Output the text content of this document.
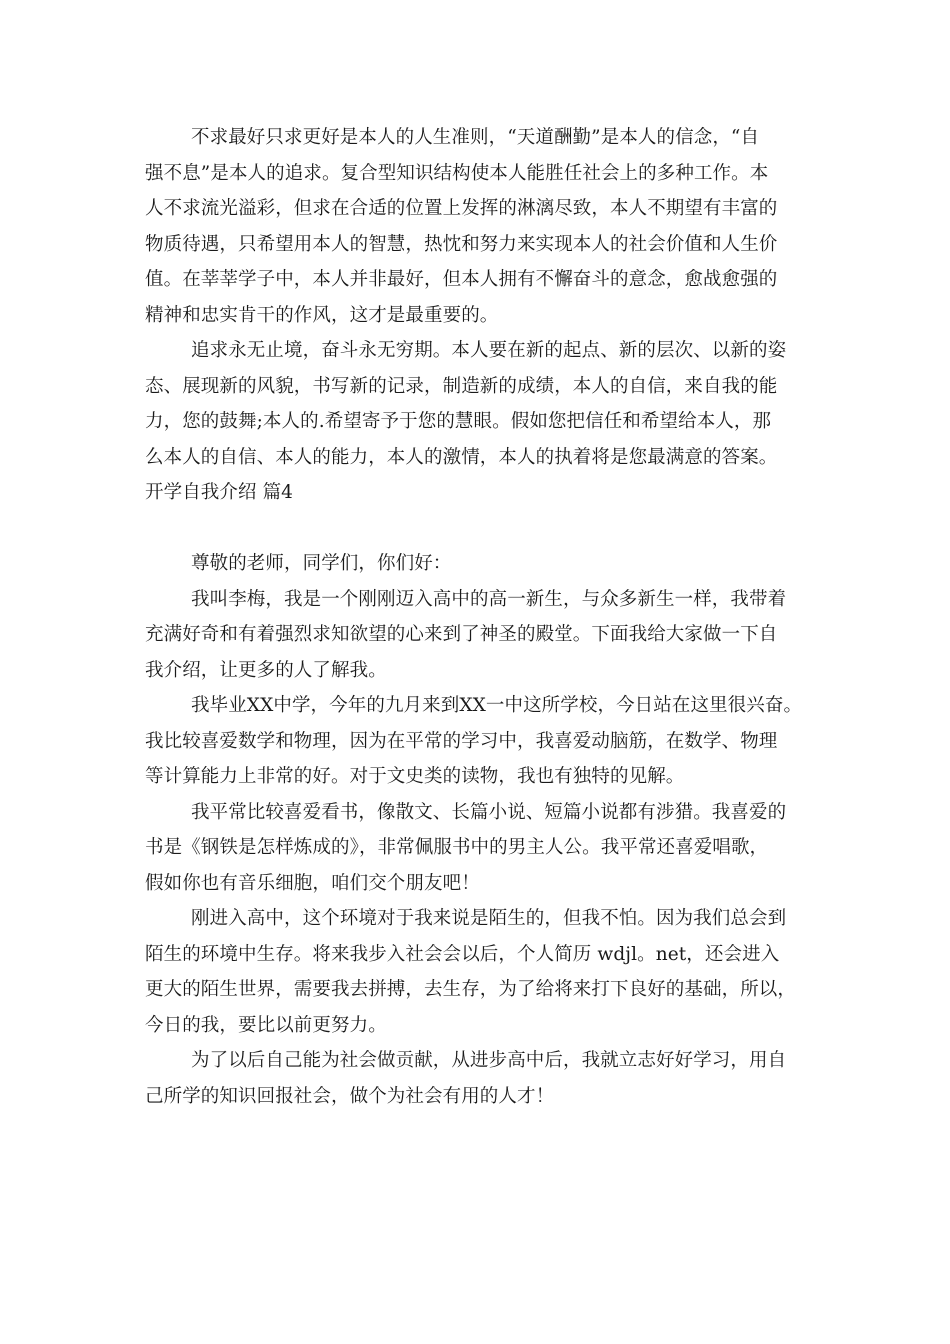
不求最好只求更好是本人的人生准则，“天道酬勤”是本人的信念，“自
强不息”是本人的追求。复合型知识结构使本人能胜任社会上的多种工作。本
人不求流光溢彩，但求在合适的位置上发挥的淋漓尽致，本人不期望有丰富的
物质待遇，只希望用本人的智慧，热忱和努力来实现本人的社会价值和人生价
值。在莘莘学子中，本人并非最好，但本人拥有不懈奋斗的意念，愈战愈强的
精神和忠实肯干的作风，这才是最重要的。
追求永无止境，奋斗永无穷期。本人要在新的起点、新的层次、以新的姿
态、展现新的风貌，书写新的记录，制造新的成绩，本人的自信，来自我的能
力，您的鼓舞;本人的.希望寄予于您的慧眼。假如您把信任和希望给本人，那
么本人的自信、本人的能力，本人的激情，本人的执着将是您最满意的答案。
开学自我介绍 篇4
尊敬的老师，同学们，你们好：
我叫李梅，我是一个刚刚迈入高中的高一新生，与众多新生一样，我带着
充满好奇和有着强烈求知欲望的心来到了神圣的殿堂。下面我给大家做一下自
我介绍，让更多的人了解我。
我毕业XX中学，今年的九月来到XX一中这所学校，今日站在这里很兴奋。
我比较喜爱数学和物理，因为在平常的学习中，我喜爱动脑筋，在数学、物理
等计算能力上非常的好。对于文史类的读物，我也有独特的见解。
我平常比较喜爱看书，像散文、长篇小说、短篇小说都有涉猎。我喜爱的
书是《钢铁是怎样炼成的》，非常佩服书中的男主人公。我平常还喜爱唱歌，
假如你也有音乐细胞，咱们交个朋友吧！
刚进入高中，这个环境对于我来说是陌生的，但我不怕。因为我们总会到
陌生的环境中生存。将来我步入社会会以后，个人简历 wdjl。net，还会进入
更大的陌生世界，需要我去拼搏，去生存，为了给将来打下良好的基础，所以，
今日的我，要比以前更努力。
为了以后自己能为社会做贡献，从进步高中后，我就立志好好学习，用自
己所学的知识回报社会，做个为社会有用的人才！
